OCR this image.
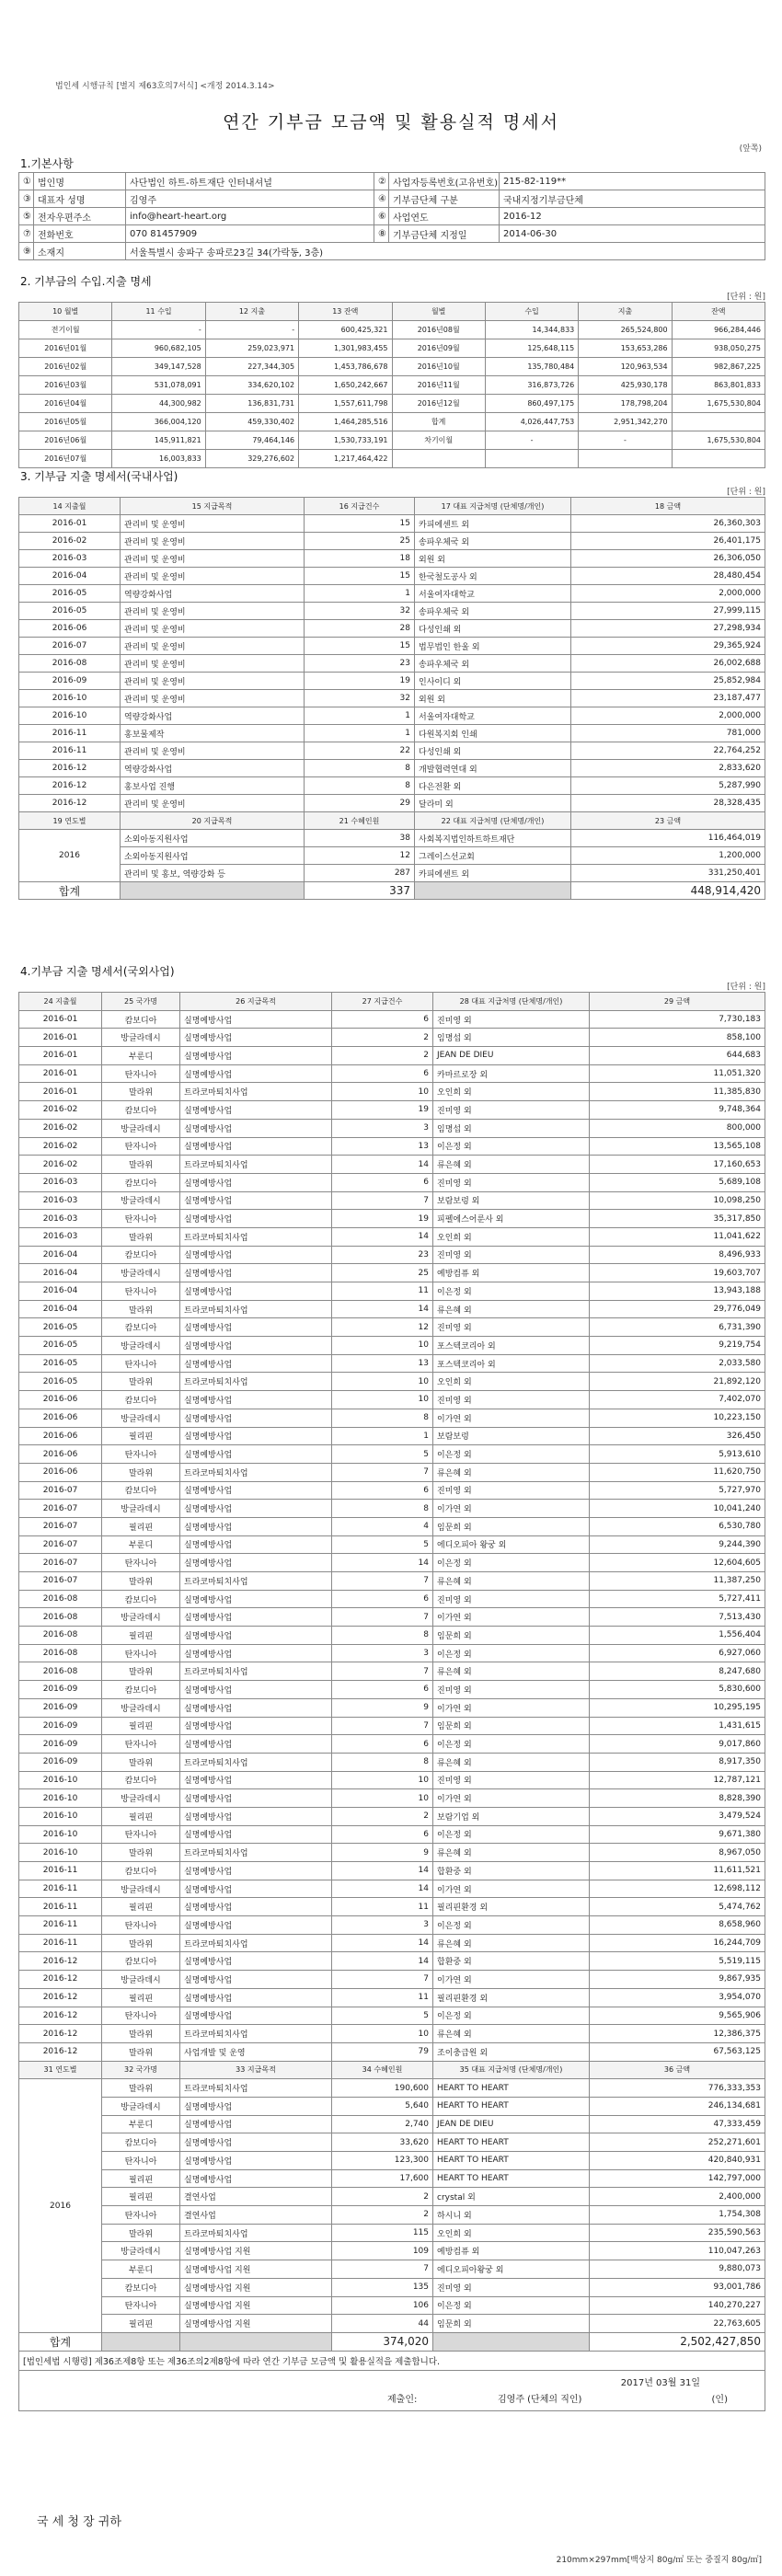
법인세 시행규칙 [별지 제63호의7서식] <개정 2014.3.14>
연간 기부금 모금액 및 활용실적 명세서
(앞쪽)
1.기본사항
①	법인명	사단법인 하트-하트재단 인터내셔널	②	사업자등록번호(고유번호)	215-82-119**
③	대표자 성명	김영주	④	기부금단체 구분	국내지정기부금단체
⑤	전자우편주소	info@heart-heart.org	⑥	사업연도	2016-12
⑦	전화번호	070 81457909	⑧	기부금단체 지정일	2014-06-30
⑨	소재지	서울특별시 송파구 송파로23길 34(가락동, 3층)			
2. 기부금의 수입.지출 명세
[단위 : 원]
10 월별	11 수입	12 지출	13 잔액	월별	수입	지출	잔액
전기이월	-	-	600,425,321	2016년08월	14,344,833	265,524,800	966,284,446
2016년01월	960,682,105	259,023,971	1,301,983,455	2016년09월	125,648,115	153,653,286	938,050,275
2016년02월	349,147,528	227,344,305	1,453,786,678	2016년10월	135,780,484	120,963,534	982,867,225
2016년03월	531,078,091	334,620,102	1,650,242,667	2016년11월	316,873,726	425,930,178	863,801,833
2016년04월	44,300,982	136,831,731	1,557,611,798	2016년12월	860,497,175	178,798,204	1,675,530,804
2016년05월	366,004,120	459,330,402	1,464,285,516	합계	4,026,447,753	2,951,342,270	
2016년06월	145,911,821	79,464,146	1,530,733,191	차기이월	-	-	1,675,530,804
2016년07월	16,003,833	329,276,602	1,217,464,422				
3. 기부금 지출 명세서(국내사업)
[단위 : 원]
14 지출월	15 지급목적	16 지급건수	17 대표 지급처명 (단체명/개인)	18 금액
2016-01	관리비 및 운영비	15	카피에센트 외	26,360,303
2016-02	관리비 및 운영비	25	송파우체국 외	26,401,175
2016-03	관리비 및 운영비	18	외원 외	26,306,050
2016-04	관리비 및 운영비	15	한국철도공사 외	28,480,454
2016-05	역량강화사업	1	서울여자대학교	2,000,000
2016-05	관리비 및 운영비	32	송파우체국 외	27,999,115
2016-06	관리비 및 운영비	28	다성인쇄 외	27,298,934
2016-07	관리비 및 운영비	15	법무법인 한울 외	29,365,924
2016-08	관리비 및 운영비	23	송파우체국 외	26,002,688
2016-09	관리비 및 운영비	19	인사이디 외	25,852,984
2016-10	관리비 및 운영비	32	외원 외	23,187,477
2016-10	역량강화사업	1	서울여자대학교	2,000,000
2016-11	홍보물제작	1	다원복지회 인쇄	781,000
2016-11	관리비 및 운영비	22	다성인쇄 외	22,764,252
2016-12	역량강화사업	8	개발협력연대 외	2,833,620
2016-12	홍보사업 진행	8	다은전환 외	5,287,990
2016-12	관리비 및 운영비	29	달라미 외	28,328,435
19 연도별	20 지급목적	21 수혜인원	22 대표 지급처명 (단체명/개인)	23 금액
2016	소외아동지원사업	38	사회복지법인하트하트재단	116,464,019
	소외아동지원사업	12	그레이스선교회	1,200,000
	관리비 및 홍보, 역량강화 등	287	카피에센트 외	331,250,401
합계		337		448,914,420
4.기부금 지출 명세서(국외사업)
[단위 : 원]
24 지출월	25 국가명	26 지급목적	27 지급건수	28 대표 지급처명 (단체명/개인)	29 금액
2016-01	캄보디아	실명예방사업	6	진미영 외	7,730,183
2016-01	방글라데시	실명예방사업	2	임명섭 외	858,100
2016-01	부룬디	실명예방사업	2	JEAN DE DIEU	644,683
2016-01	탄자니아	실명예방사업	6	카마르로장 외	11,051,320
2016-01	말라위	트라코마퇴치사업	10	오인희 외	11,385,830
2016-02	캄보디아	실명예방사업	19	진미영 외	9,748,364
2016-02	방글라데시	실명예방사업	3	임명섭 외	800,000
2016-02	탄자니아	실명예방사업	13	이은정 외	13,565,108
2016-02	말라위	트라코마퇴치사업	14	류은혜 외	17,160,653
2016-03	캄보디아	실명예방사업	6	진미영 외	5,689,108
2016-03	방글라데시	실명예방사업	7	보람보렁 외	10,098,250
2016-03	탄자니아	실명예방사업	19	피펠에스어룬사 외	35,317,850
2016-03	말라위	트라코마퇴치사업	14	오인희 외	11,041,622
2016-04	캄보디아	실명예방사업	23	진미영 외	8,496,933
2016-04	방글라데시	실명예방사업	25	예방컴퓨 외	19,603,707
2016-04	탄자니아	실명예방사업	11	이은정 외	13,943,188
2016-04	말라위	트라코마퇴치사업	14	류은혜 외	29,776,049
2016-05	캄보디아	실명예방사업	12	진미영 외	6,731,390
2016-05	방글라데시	실명예방사업	10	포스텍코리아 외	9,219,754
2016-05	탄자니아	실명예방사업	13	포스텍코리아 외	2,033,580
2016-05	말라위	트라코마퇴치사업	10	오인희 외	21,892,120
2016-06	캄보디아	실명예방사업	10	진미영 외	7,402,070
2016-06	방글라데시	실명예방사업	8	이가연 외	10,223,150
2016-06	필리핀	실명예방사업	1	보람보렁	326,450
2016-06	탄자니아	실명예방사업	5	이은정 외	5,913,610
2016-06	말라위	트라코마퇴치사업	7	류은혜 외	11,620,750
2016-07	캄보디아	실명예방사업	6	진미영 외	5,727,970
2016-07	방글라데시	실명예방사업	8	이가연 외	10,041,240
2016-07	필리핀	실명예방사업	4	임문희 외	6,530,780
2016-07	부룬디	실명예방사업	5	에디오피아 왕궁 외	9,244,390
2016-07	탄자니아	실명예방사업	14	이은정 외	12,604,605
2016-07	말라위	트라코마퇴치사업	7	류은혜 외	11,387,250
2016-08	캄보디아	실명예방사업	6	진미영 외	5,727,411
2016-08	방글라데시	실명예방사업	7	이가연 외	7,513,430
2016-08	필리핀	실명예방사업	8	임문희 외	1,556,404
2016-08	탄자니아	실명예방사업	3	이은정 외	6,927,060
2016-08	말라위	트라코마퇴치사업	7	류은혜 외	8,247,680
2016-09	캄보디아	실명예방사업	6	진미영 외	5,830,600
2016-09	방글라데시	실명예방사업	9	이가연 외	10,295,195
2016-09	필리핀	실명예방사업	7	임문희 외	1,431,615
2016-09	탄자니아	실명예방사업	6	이은정 외	9,017,860
2016-09	말라위	트라코마퇴치사업	8	류은혜 외	8,917,350
2016-10	캄보디아	실명예방사업	10	진미영 외	12,787,121
2016-10	방글라데시	실명예방사업	10	이가연 외	8,828,390
2016-10	필리핀	실명예방사업	2	보람기업 외	3,479,524
2016-10	탄자니아	실명예방사업	6	이은정 외	9,671,380
2016-10	말라위	트라코마퇴치사업	9	류은혜 외	8,967,050
2016-11	캄보디아	실명예방사업	14	합환중 외	11,611,521
2016-11	방글라데시	실명예방사업	14	이가연 외	12,698,112
2016-11	필리핀	실명예방사업	11	필리핀환경 외	5,474,762
2016-11	탄자니아	실명예방사업	3	이은정 외	8,658,960
2016-11	말라위	트라코마퇴치사업	14	류은혜 외	16,244,709
2016-12	캄보디아	실명예방사업	14	합환중 외	5,519,115
2016-12	방글라데시	실명예방사업	7	이가연 외	9,867,935
2016-12	필리핀	실명예방사업	11	필리핀환경 외	3,954,070
2016-12	탄자니아	실명예방사업	5	이은정 외	9,565,906
2016-12	말라위	트라코마퇴치사업	10	류은혜 외	12,386,375
2016-12	말라위	사업개발 및 운영	79	조이충급원 외	67,563,125
31 연도별	32 국가명	33 지급목적	34 수혜인원	35 대표 지급처명 (단체명/개인)	36 금액
2016	말라위	트라코마퇴치사업	190,600	HEART TO HEART	776,333,353
	방글라데시	실명예방사업	5,640	HEART TO HEART	246,134,681
	부룬디	실명예방사업	2,740	JEAN DE DIEU	47,333,459
	캄보디아	실명예방사업	33,620	HEART TO HEART	252,271,601
	탄자니아	실명예방사업	123,300	HEART TO HEART	420,840,931
	필리핀	실명예방사업	17,600	HEART TO HEART	142,797,000
	필리핀	결연사업	2	crystal 외	2,400,000
	탄자니아	결연사업	2	하시니 외	1,754,308
	말라위	트라코마퇴치사업	115	오인희 외	235,590,563
	방글라데시	실명예방사업 지원	109	예방컴퓨 외	110,047,263
	부룬디	실명예방사업 지원	7	에디오피아왕궁 외	9,880,073
	캄보디아	실명예방사업 지원	135	진미영 외	93,001,786
	탄자니아	실명예방사업 지원	106	이은정 외	140,270,227
	필리핀	실명예방사업 지원	44	임문희 외	22,763,605
합계			374,020		2,502,427,850
[법인세법 시행령] 제36조제8항 또는 제36조의2제8항에 따라 연간 기부금 모금액 및 활용실적을 제출합니다.
2017년 03월 31일
제출인:	김영주 (단체의 직인)	(인)
국 세 청 장 귀하
210mm×297mm[백상지 80g/㎡ 또는 중질지 80g/㎡]
